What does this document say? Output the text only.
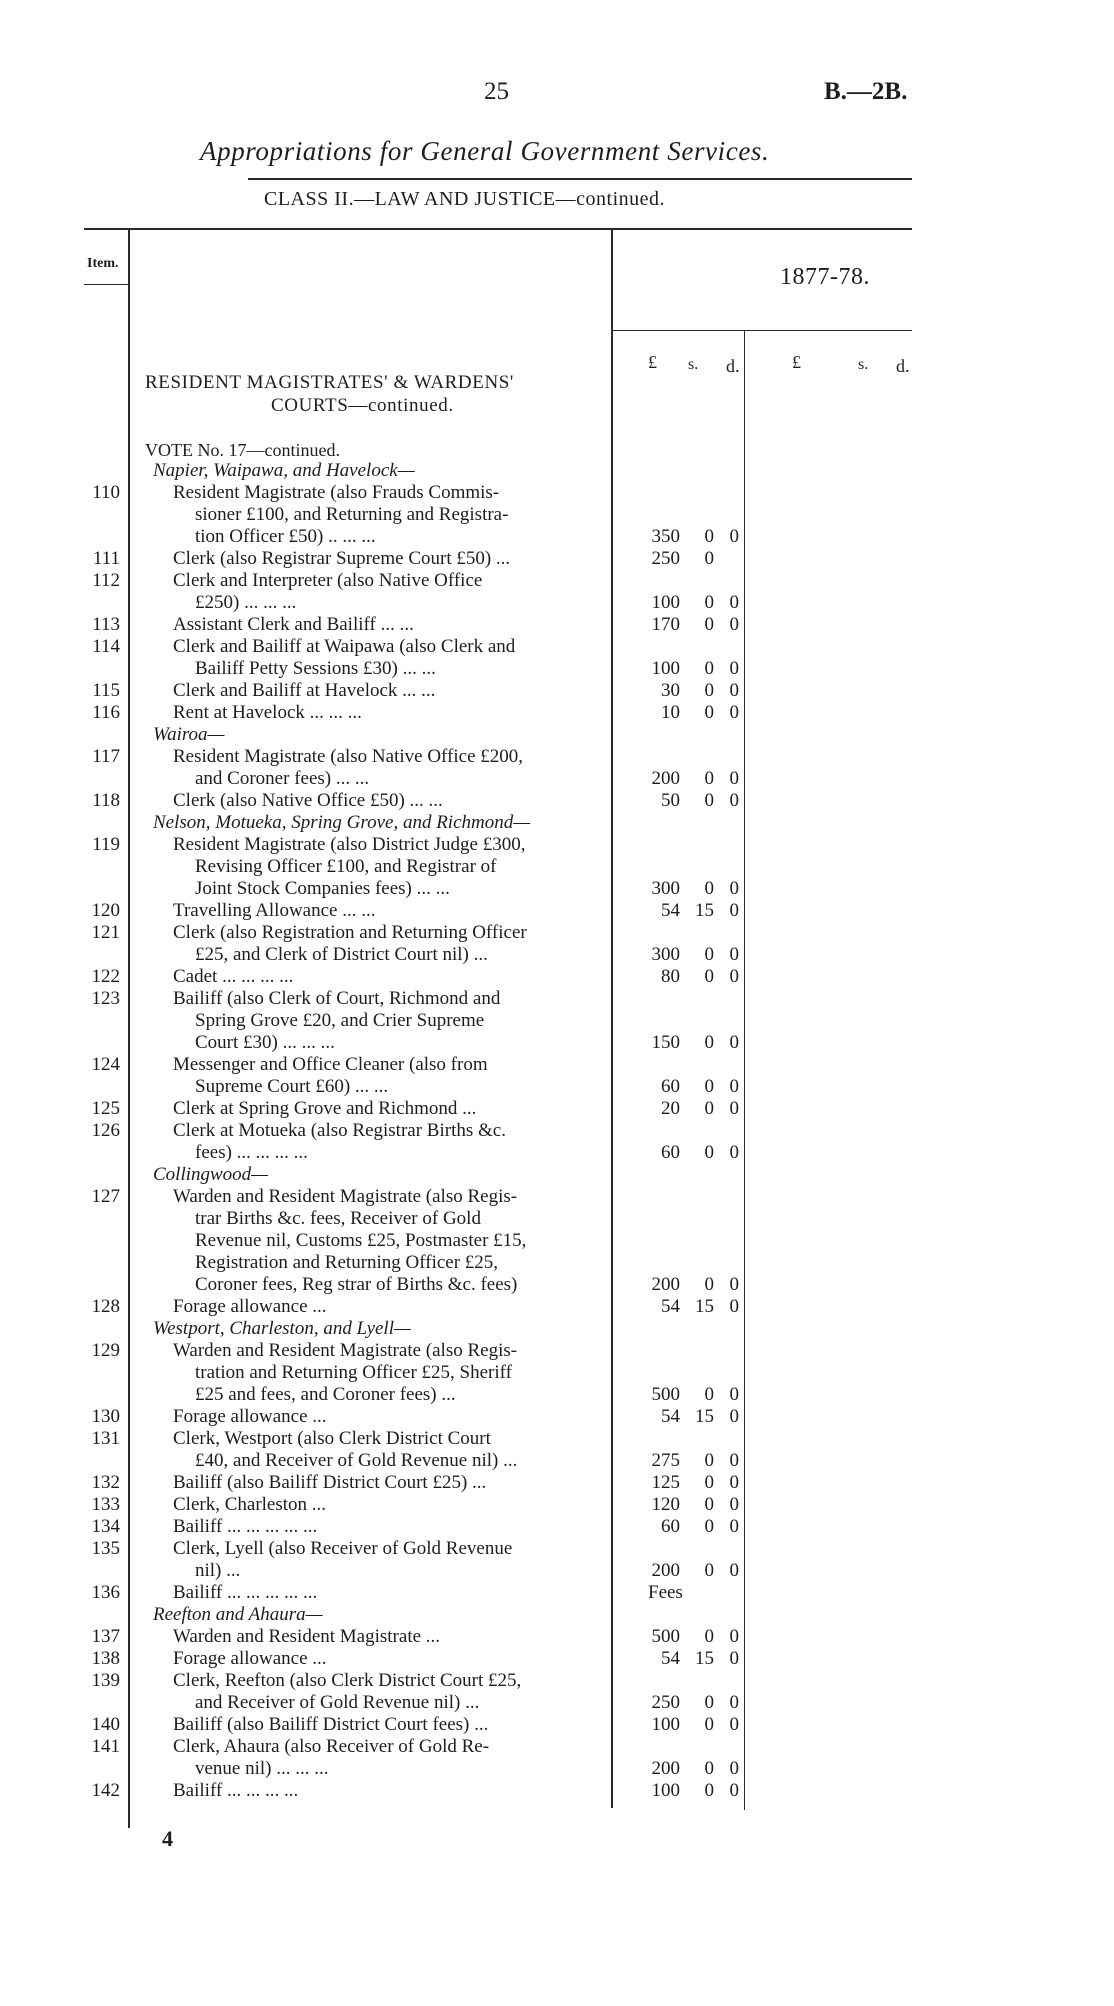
25	B.—2B.
Appropriations for General Government Services.
CLASS II.—LAW AND JUSTICE—continued.
Item.
1877-78.
£ s. d.	£	s. d.
RESIDENT MAGISTRATES' & WARDENS'
COURTS—continued.
VOTE No. 17—continued.
Napier, Waipawa, and Havelock—
110	Resident Magistrate (also Frauds Commis-
sioner £100, and Returning and Registra-
tion Officer £50) .. ... ...	350	0 0
111	Clerk (also Registrar Supreme Court £50) ...	250	0
112	Clerk and Interpreter (also Native Office
£250) ... ... ...	100	0 0
113	Assistant Clerk and Bailiff ... ...	170	0 0
114	Clerk and Bailiff at Waipawa (also Clerk and
Bailiff Petty Sessions £30) ... ...	100	0 0
115	Clerk and Bailiff at Havelock ... ...	30	0 0
116	Rent at Havelock ... ... ...	10	0 0
Wairoa—
117	Resident Magistrate (also Native Office £200,
and Coroner fees) ... ...	200	0 0
118	Clerk (also Native Office £50) ... ...	50	0 0
Nelson, Motueka, Spring Grove, and Richmond—
119	Resident Magistrate (also District Judge £300,
Revising Officer £100, and Registrar of
Joint Stock Companies fees) ... ...	300	0 0
120	Travelling Allowance ... ...	54 15 0
121	Clerk (also Registration and Returning Officer
£25, and Clerk of District Court nil) ...	300	0 0
122	Cadet ... ... ... ...	80	0 0
123	Bailiff (also Clerk of Court, Richmond and
Spring Grove £20, and Crier Supreme
Court £30) ... ... ...	150	0 0
124	Messenger and Office Cleaner (also from
Supreme Court £60) ... ...	60	0 0
125	Clerk at Spring Grove and Richmond ...	20	0 0
126	Clerk at Motueka (also Registrar Births &c.
fees) ... ... ... ...	60	0 0
Collingwood—
127	Warden and Resident Magistrate (also Regis-
trar Births &c. fees, Receiver of Gold
Revenue nil, Customs £25, Postmaster £15,
Registration and Returning Officer £25,
Coroner fees, Reg strar of Births &c. fees)	200	0 0
128	Forage allowance ...	54 15 0
Westport, Charleston, and Lyell—
129	Warden and Resident Magistrate (also Regis-
tration and Returning Officer £25, Sheriff
£25 and fees, and Coroner fees) ...	500	0 0
130	Forage allowance ...	54 15 0
131	Clerk, Westport (also Clerk District Court
£40, and Receiver of Gold Revenue nil) ...	275	0 0
132	Bailiff (also Bailiff District Court £25) ...	125	0 0
133	Clerk, Charleston ...	120	0 0
134	Bailiff ... ... ... ... ...	60	0 0
135	Clerk, Lyell (also Receiver of Gold Revenue
nil) ...	200	0 0
136	Bailiff ... ... ... ... ...	Fees
Reefton and Ahaura—
137	Warden and Resident Magistrate ...	500	0 0
138	Forage allowance ...	54 15 0
139	Clerk, Reefton (also Clerk District Court £25,
and Receiver of Gold Revenue nil) ...	250	0 0
140	Bailiff (also Bailiff District Court fees) ...	100	0 0
141	Clerk, Ahaura (also Receiver of Gold Re-
venue nil) ... ... ...	200	0 0
142	Bailiff ... ... ... ...	100	0 0
4
